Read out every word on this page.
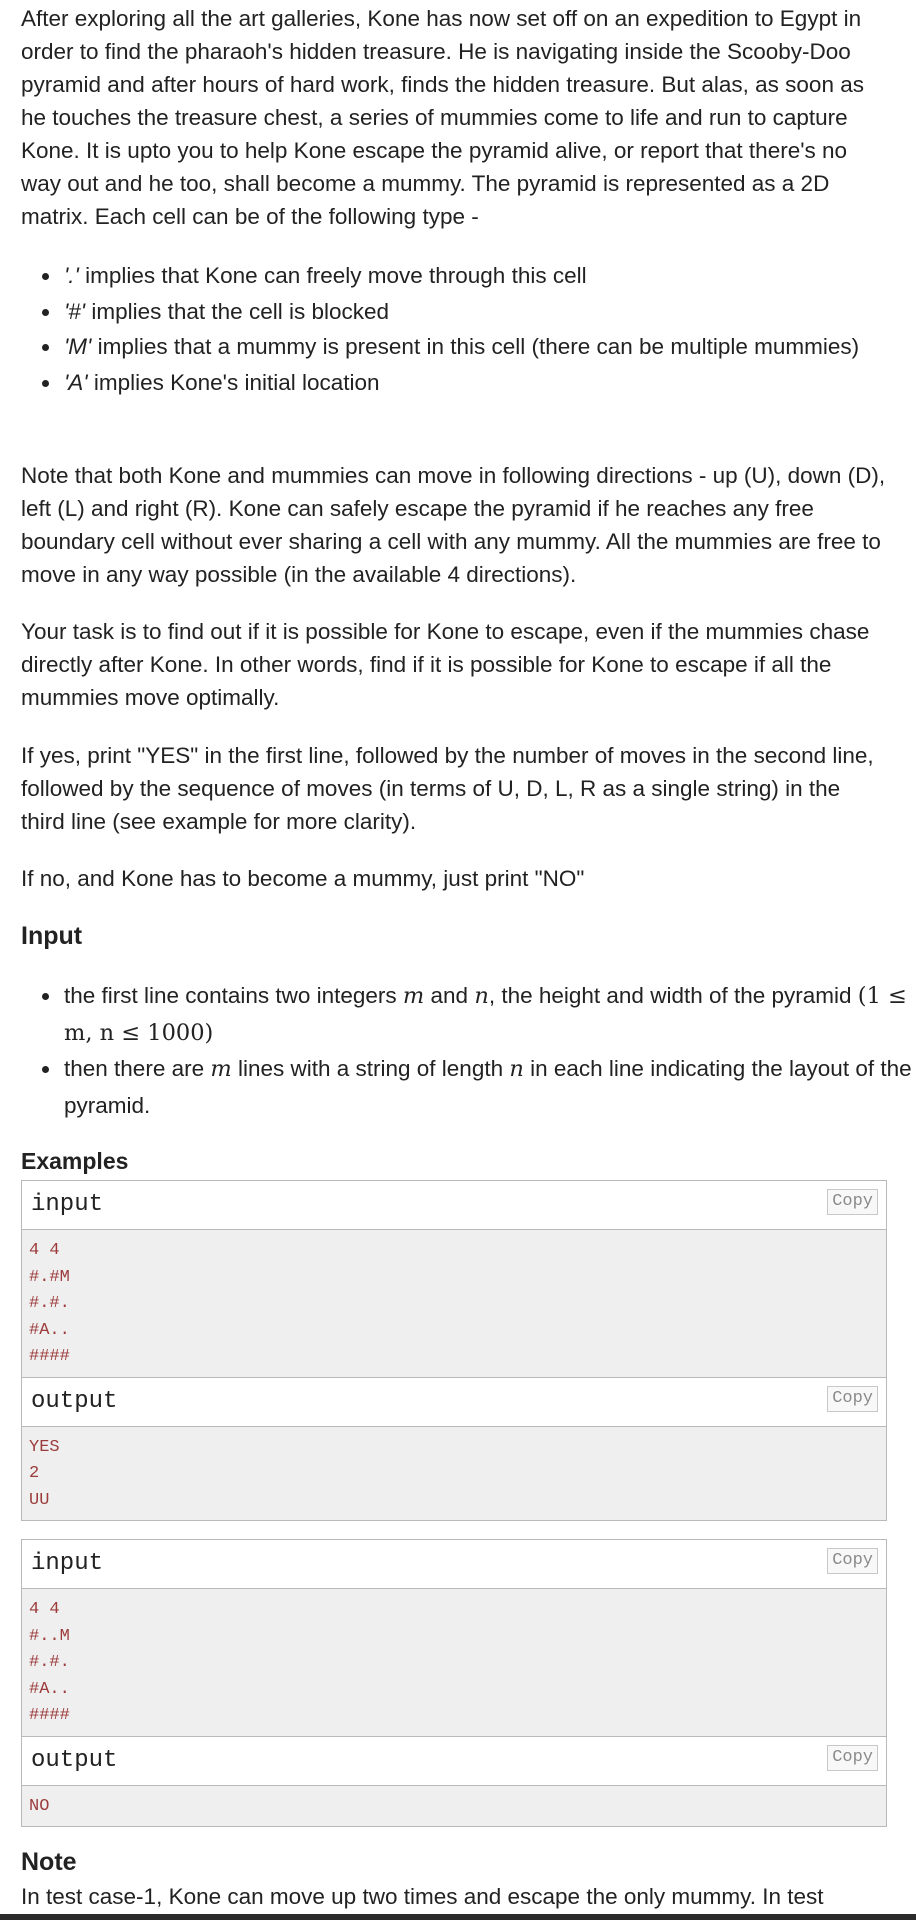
After exploring all the art galleries, Kone has now set off on an expedition to Egypt in order to find the pharaoh's hidden treasure. He is navigating inside the Scooby-Doo pyramid and after hours of hard work, finds the hidden treasure. But alas, as soon as he touches the treasure chest, a series of mummies come to life and run to capture Kone. It is upto you to help Kone escape the pyramid alive, or report that there's no way out and he too, shall become a mummy. The pyramid is represented as a 2D matrix. Each cell can be of the following type -

'.' implies that Kone can freely move through this cell
'#' implies that the cell is blocked
'M' implies that a mummy is present in this cell (there can be multiple mummies)
'A' implies Kone's initial location

Note that both Kone and mummies can move in following directions - up (U), down (D), left (L) and right (R). Kone can safely escape the pyramid if he reaches any free boundary cell without ever sharing a cell with any mummy. All the mummies are free to move in any way possible (in the available 4 directions).

Your task is to find out if it is possible for Kone to escape, even if the mummies chase directly after Kone. In other words, find if it is possible for Kone to escape if all the mummies move optimally.

If yes, print "YES" in the first line, followed by the number of moves in the second line, followed by the sequence of moves (in terms of U, D, L, R as a single string) in the third line (see example for more clarity).

If no, and Kone has to become a mummy, just print "NO"

Input
the first line contains two integers m and n, the height and width of the pyramid (1 ≤ m, n ≤ 1000)
then there are m lines with a string of length n in each line indicating the layout of the pyramid.
Examples
input	Copy
4 4
#.#M
#.#.
#A..
####
output	Copy
YES
2
UU
input	Copy
4 4
#..M
#.#.
#A..
####
output	Copy
NO
Note

In test case-1, Kone can move up two times and escape the only mummy. In test
